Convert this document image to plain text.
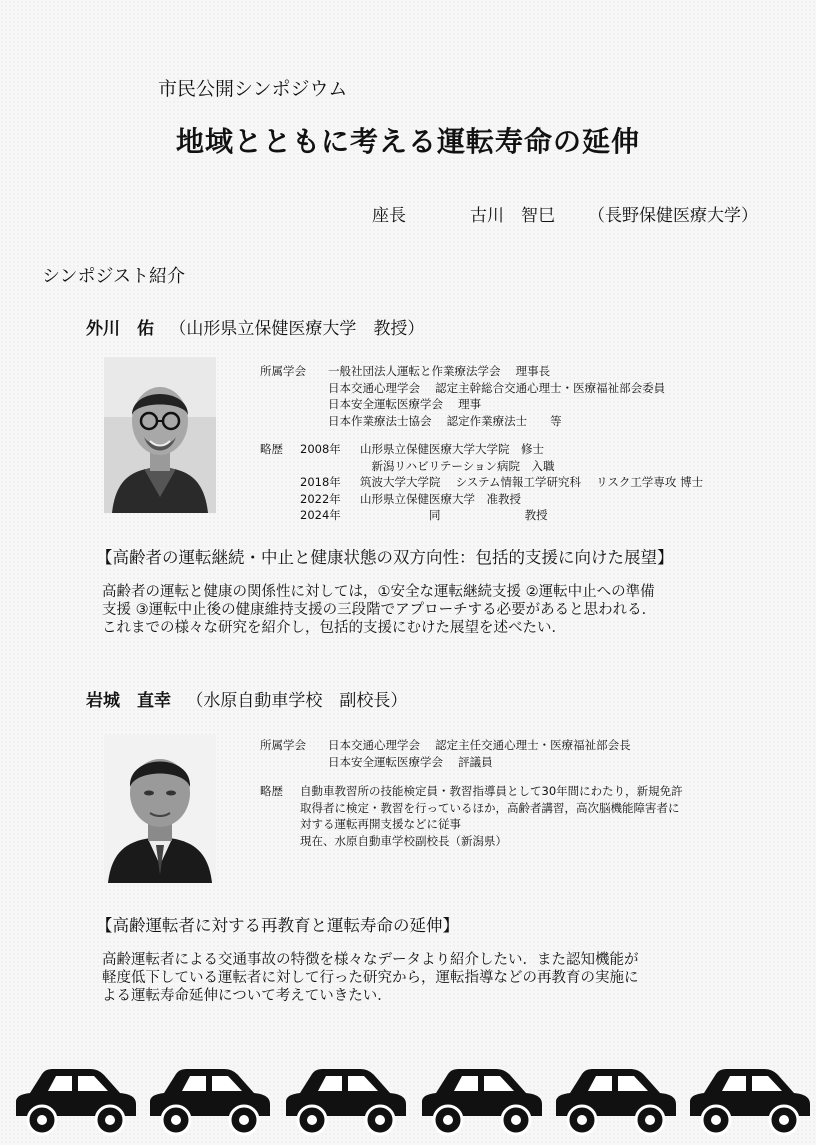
市民公開シンポジウム
地域とともに考える運転寿命の延伸
座長	古川　智巳 （長野保健医療大学）
シンポジスト紹介
外川　佑 （山形県立保健医療大学　教授）
所属学会	一般社団法人運転と作業療法学会　 理事長
日本交通心理学会　 認定主幹総合交通心理士・医療福祉部会委員
日本安全運転医療学会　 理事
日本作業療法士協会　 認定作業療法士　　等
略歴	2008年	山形県立保健医療大学大学院　修士
　新潟リハビリテーション病院　入職
2018年	筑波大学大学院　 システム情報工学研究科　 リスク工学専攻 博士
2022年	山形県立保健医療大学　准教授
2024年	　　　　　　同　　　　　　　 教授
【高齢者の運転継続・中止と健康状態の双方向性：包括的支援に向けた展望】
高齢者の運転と健康の関係性に対しては，①安全な運転継続支援 ②運転中止への準備
支援 ③運転中止後の健康維持支援の三段階でアプローチする必要があると思われる．
これまでの様々な研究を紹介し，包括的支援にむけた展望を述べたい．
岩城　直幸 （水原自動車学校　副校長）
所属学会	日本交通心理学会　 認定主任交通心理士・医療福祉部会長
日本安全運転医療学会　 評議員
略歴	自動車教習所の技能検定員・教習指導員として30年間にわたり，新規免許
取得者に検定・教習を行っているほか，高齢者講習，高次脳機能障害者に
対する運転再開支援などに従事
現在、水原自動車学校副校長（新潟県）
【高齢運転者に対する再教育と運転寿命の延伸】
高齢運転者による交通事故の特徴を様々なデータより紹介したい．また認知機能が
軽度低下している運転者に対して行った研究から，運転指導などの再教育の実施に
よる運転寿命延伸について考えていきたい．
